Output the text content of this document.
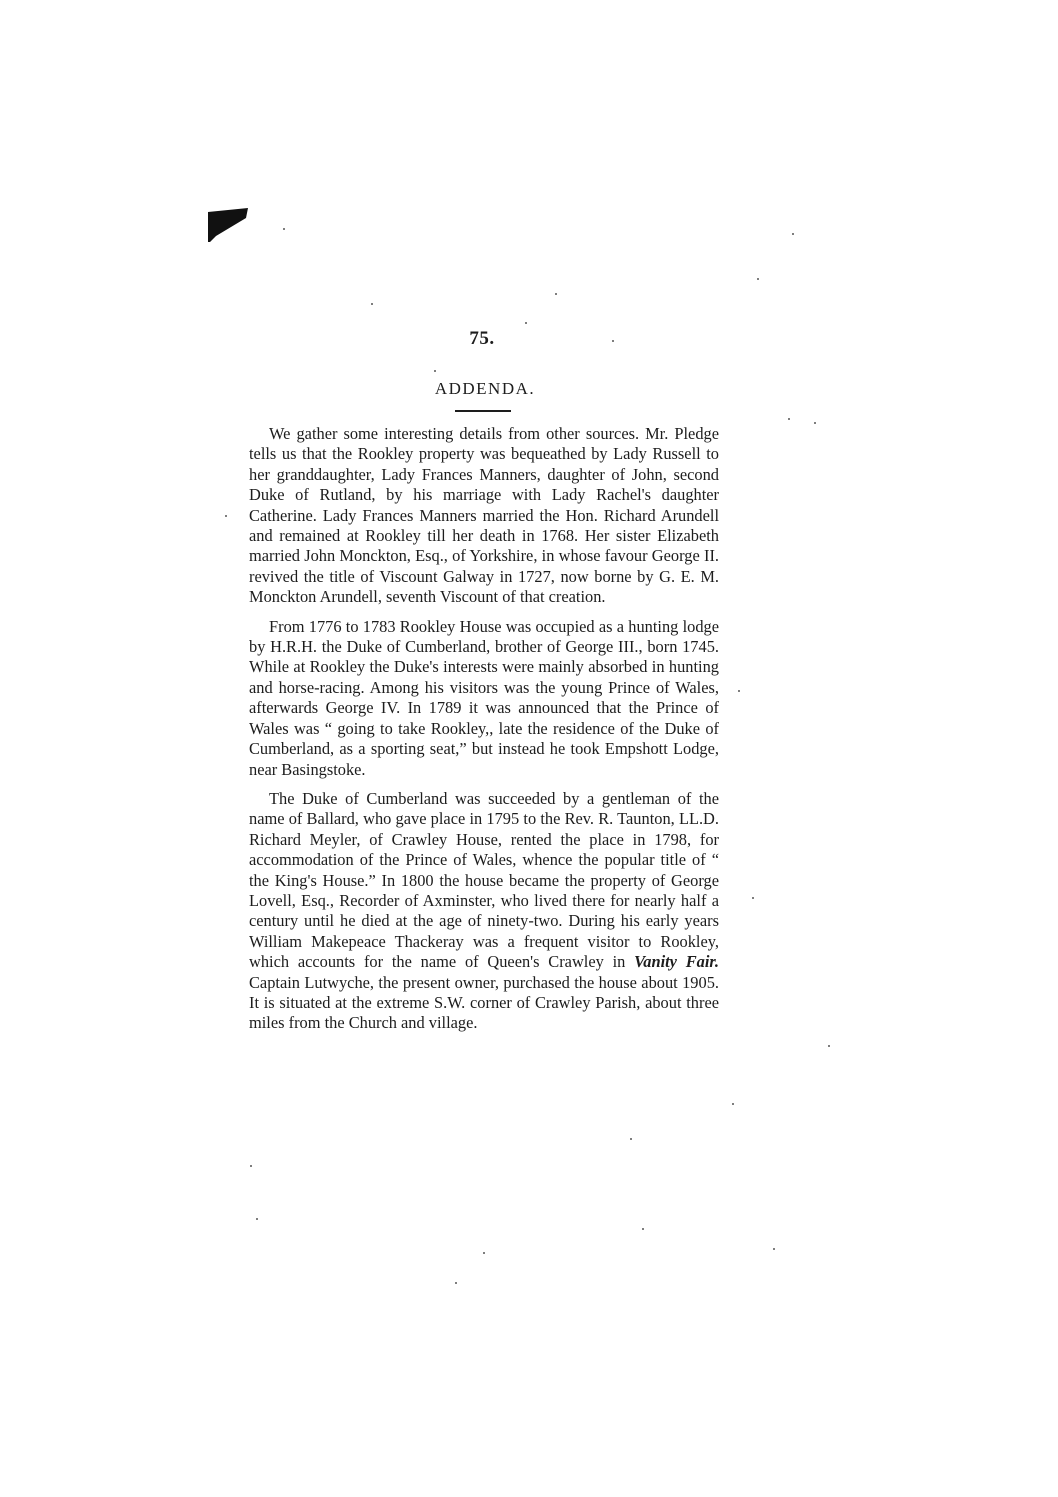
75.
ADDENDA.

We gather some interesting details from other sources. Mr. Pledge tells us that the Rookley property was bequeathed by Lady Russell to her granddaughter, Lady Frances Manners, daughter of John, second Duke of Rutland, by his marriage with Lady Rachel's daughter Catherine. Lady Frances Manners married the Hon. Richard Arundell and remained at Rookley till her death in 1768. Her sister Elizabeth married John Monckton, Esq., of Yorkshire, in whose favour George II. revived the title of Viscount Galway in 1727, now borne by G. E. M. Monckton Arundell, seventh Viscount of that creation.

From 1776 to 1783 Rookley House was occupied as a hunting lodge by H.R.H. the Duke of Cumberland, brother of George III., born 1745. While at Rookley the Duke's interests were mainly absorbed in hunting and horse-racing. Among his visitors was the young Prince of Wales, afterwards George IV. In 1789 it was announced that the Prince of Wales was “ going to take Rookley,, late the residence of the Duke of Cumberland, as a sporting seat,” but instead he took Empshott Lodge, near Basingstoke.

The Duke of Cumberland was succeeded by a gentleman of the name of Ballard, who gave place in 1795 to the Rev. R. Taunton, LL.D. Richard Meyler, of Crawley House, rented the place in 1798, for accommodation of the Prince of Wales, whence the popular title of “ the King's House.” In 1800 the house became the property of George Lovell, Esq., Recorder of Axminster, who lived there for nearly half a century until he died at the age of ninety-two. During his early years William Makepeace Thackeray was a frequent visitor to Rookley, which accounts for the name of Queen's Crawley in Vanity Fair. Captain Lutwyche, the present owner, purchased the house about 1905. It is situated at the extreme S.W. corner of Crawley Parish, about three miles from the Church and village.
